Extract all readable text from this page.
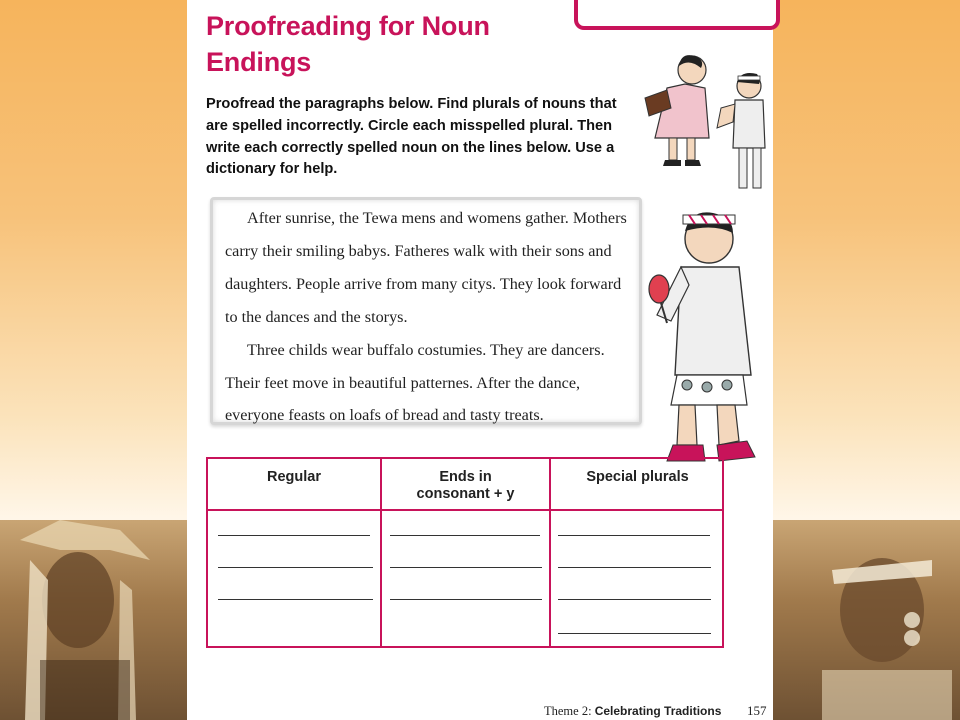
Proofreading for Noun
Endings

Proofread the paragraphs below. Find plurals of nouns that are spelled incorrectly. Circle each misspelled plural. Then write each correctly spelled noun on the lines below. Use a dictionary for help.

After sunrise, the Tewa mens and womens gather. Mothers carry their smiling babys. Fatheres walk with their sons and daughters. People arrive from many citys. They look forward to the dances and the storys.

Three childs wear buffalo costumies. They are dancers. Their feet move in beautiful patternes. After the dance, everyone feasts on loafs of bread and tasty treats.

Regular	Ends in consonant + y
Special plurals
Theme 2: Celebrating Traditions 157
